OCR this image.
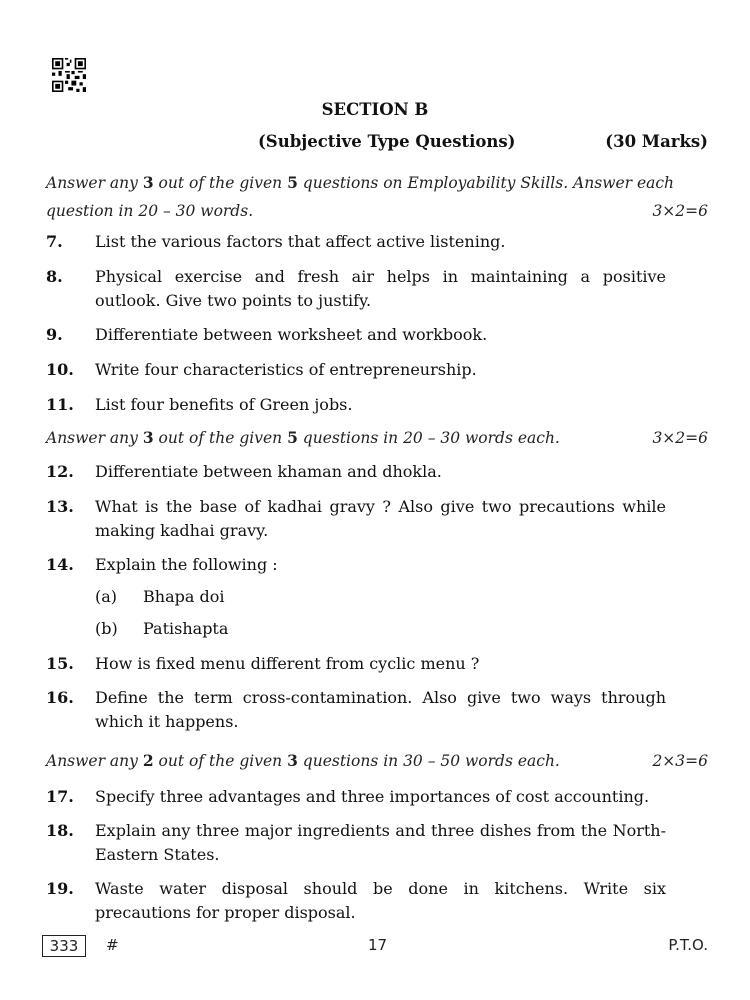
SECTION B
(Subjective Type Questions)	(30 Marks)
Answer any 3 out of the given 5 questions on Employability Skills. Answer each question in 20 – 30 words.	3×2=6
7.	List the various factors that affect active listening.
8.	Physical exercise and fresh air helps in maintaining a positive outlook. Give two points to justify.
9.	Differentiate between worksheet and workbook.
10.	Write four characteristics of entrepreneurship.
11.	List four benefits of Green jobs.
Answer any 3 out of the given 5 questions in 20 – 30 words each.	3×2=6
12.	Differentiate between khaman and dhokla.
13.	What is the base of kadhai gravy ? Also give two precautions while making kadhai gravy.
14.	Explain the following :
(a) Bhapa doi
(b) Patishapta
15.	How is fixed menu different from cyclic menu ?
16.	Define the term cross-contamination. Also give two ways through which it happens.
Answer any 2 out of the given 3 questions in 30 – 50 words each.	2×3=6
17.	Specify three advantages and three importances of cost accounting.
18.	Explain any three major ingredients and three dishes from the North-Eastern States.
19.	Waste water disposal should be done in kitchens. Write six precautions for proper disposal.
333	#	17	P.T.O.
